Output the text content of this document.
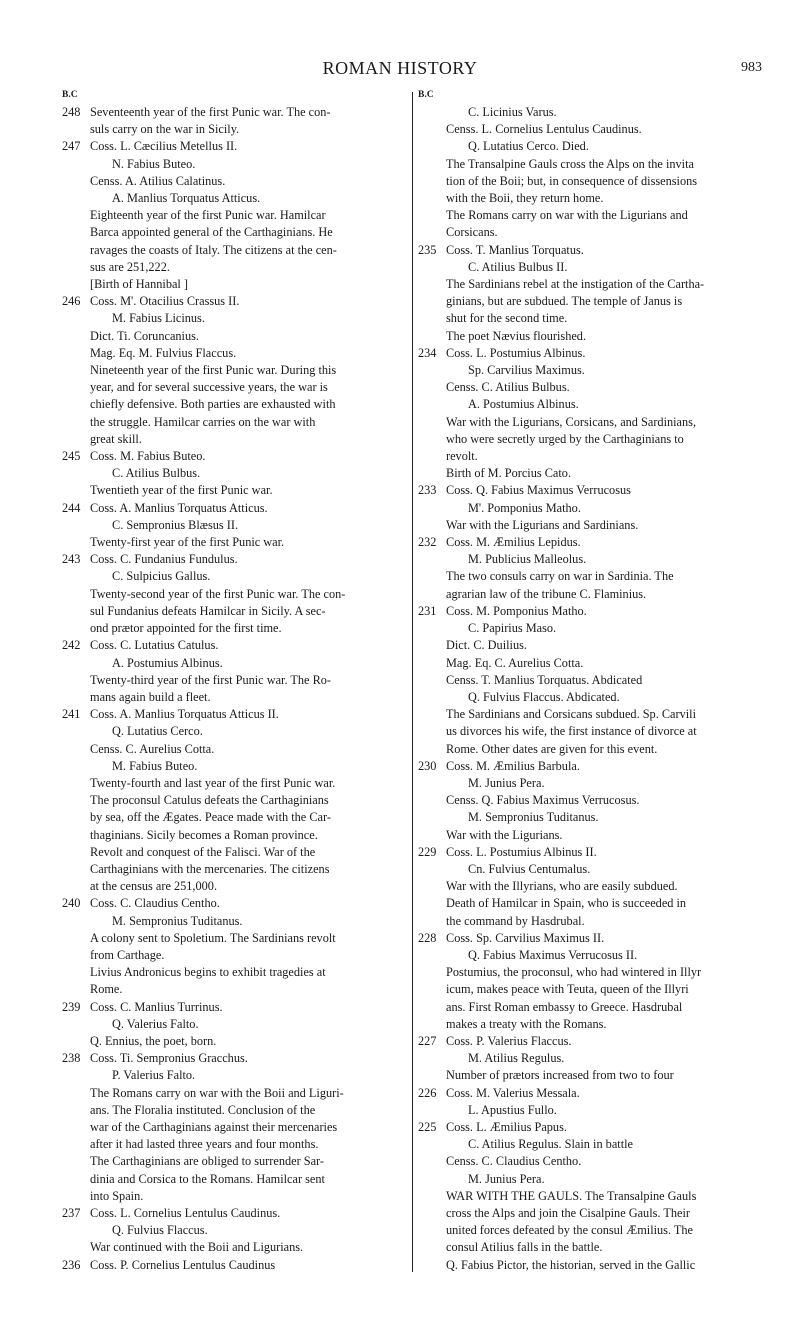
ROMAN HISTORY	983
B.C	B.C
248 Seventeenth year of the first Punic war. The con-
suls carry on the war in Sicily.
247 Coss. L. Cæcilius Metellus II.
N. Fabius Buteo.
Censs. A. Atilius Calatinus.
A. Manlius Torquatus Atticus.
Eighteenth year of the first Punic war. Hamilcar
Barca appointed general of the Carthaginians. He
ravages the coasts of Italy. The citizens at the cen-
sus are 251,222.
[Birth of Hannibal ]
246 Coss. M'. Otacilius Crassus II.
M. Fabius Licinus.
Dict. Ti. Coruncanius.
Mag. Eq. M. Fulvius Flaccus.
Nineteenth year of the first Punic war. During this
year, and for several successive years, the war is
chiefly defensive. Both parties are exhausted with
the struggle. Hamilcar carries on the war with
great skill.
245 Coss. M. Fabius Buteo.
C. Atilius Bulbus.
Twentieth year of the first Punic war.
244 Coss. A. Manlius Torquatus Atticus.
C. Sempronius Blæsus II.
Twenty-first year of the first Punic war.
243 Coss. C. Fundanius Fundulus.
C. Sulpicius Gallus.
Twenty-second year of the first Punic war. The con-
sul Fundanius defeats Hamilcar in Sicily. A sec-
ond prætor appointed for the first time.
242 Coss. C. Lutatius Catulus.
A. Postumius Albinus.
Twenty-third year of the first Punic war. The Ro-
mans again build a fleet.
241 Coss. A. Manlius Torquatus Atticus II.
Q. Lutatius Cerco.
Censs. C. Aurelius Cotta.
M. Fabius Buteo.
Twenty-fourth and last year of the first Punic war.
The proconsul Catulus defeats the Carthaginians
by sea, off the Ægates. Peace made with the Car-
thaginians. Sicily becomes a Roman province.
Revolt and conquest of the Falisci. War of the
Carthaginians with the mercenaries. The citizens
at the census are 251,000.
240 Coss. C. Claudius Centho.
M. Sempronius Tuditanus.
A colony sent to Spoletium. The Sardinians revolt
from Carthage.
Livius Andronicus begins to exhibit tragedies at
Rome.
239 Coss. C. Manlius Turrinus.
Q. Valerius Falto.
Q. Ennius, the poet, born.
238 Coss. Ti. Sempronius Gracchus.
P. Valerius Falto.
The Romans carry on war with the Boii and Liguri-
ans. The Floralia instituted. Conclusion of the
war of the Carthaginians against their mercenaries
after it had lasted three years and four months.
The Carthaginians are obliged to surrender Sar-
dinia and Corsica to the Romans. Hamilcar sent
into Spain.
237 Coss. L. Cornelius Lentulus Caudinus.
Q. Fulvius Flaccus.
War continued with the Boii and Ligurians.
236 Coss. P. Cornelius Lentulus Caudinus
C. Licinius Varus.
Censs. L. Cornelius Lentulus Caudinus.
Q. Lutatius Cerco. Died.
The Transalpine Gauls cross the Alps on the invita
tion of the Boii; but, in consequence of dissensions
with the Boii, they return home.
The Romans carry on war with the Ligurians and
Corsicans.
235 Coss. T. Manlius Torquatus.
C. Atilius Bulbus II.
The Sardinians rebel at the instigation of the Cartha-
ginians, but are subdued. The temple of Janus is
shut for the second time.
The poet Nævius flourished.
234 Coss. L. Postumius Albinus.
Sp. Carvilius Maximus.
Censs. C. Atilius Bulbus.
A. Postumius Albinus.
War with the Ligurians, Corsicans, and Sardinians,
who were secretly urged by the Carthaginians to
revolt.
Birth of M. Porcius Cato.
233 Coss. Q. Fabius Maximus Verrucosus
M'. Pomponius Matho.
War with the Ligurians and Sardinians.
232 Coss. M. Æmilius Lepidus.
M. Publicius Malleolus.
The two consuls carry on war in Sardinia. The
agrarian law of the tribune C. Flaminius.
231 Coss. M. Pomponius Matho.
C. Papirius Maso.
Dict. C. Duilius.
Mag. Eq. C. Aurelius Cotta.
Censs. T. Manlius Torquatus. Abdicated
Q. Fulvius Flaccus. Abdicated.
The Sardinians and Corsicans subdued. Sp. Carvili
us divorces his wife, the first instance of divorce at
Rome. Other dates are given for this event.
230 Coss. M. Æmilius Barbula.
M. Junius Pera.
Censs. Q. Fabius Maximus Verrucosus.
M. Sempronius Tuditanus.
War with the Ligurians.
229 Coss. L. Postumius Albinus II.
Cn. Fulvius Centumalus.
War with the Illyrians, who are easily subdued.
Death of Hamilcar in Spain, who is succeeded in
the command by Hasdrubal.
228 Coss. Sp. Carvilius Maximus II.
Q. Fabius Maximus Verrucosus II.
Postumius, the proconsul, who had wintered in Illyr
icum, makes peace with Teuta, queen of the Illyri
ans. First Roman embassy to Greece. Hasdrubal
makes a treaty with the Romans.
227 Coss. P. Valerius Flaccus.
M. Atilius Regulus.
Number of prætors increased from two to four
226 Coss. M. Valerius Messala.
L. Apustius Fullo.
225 Coss. L. Æmilius Papus.
C. Atilius Regulus. Slain in battle
Censs. C. Claudius Centho.
M. Junius Pera.
WAR WITH THE GAULS. The Transalpine Gauls
cross the Alps and join the Cisalpine Gauls. Their
united forces defeated by the consul Æmilius. The
consul Atilius falls in the battle.
Q. Fabius Pictor, the historian, served in the Gallic
